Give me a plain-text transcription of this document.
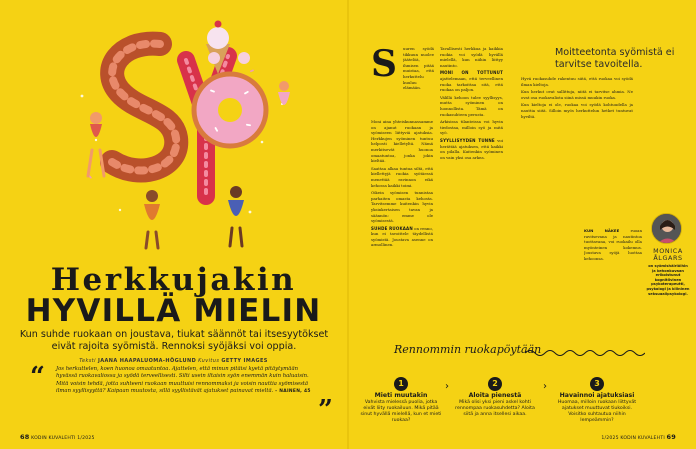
Herkkujakin
HYVILLÄ MIELIN
Kun suhde ruokaan on joustava, tiukat säännöt tai itsesyytökset eivät rajoita syömistä. Rennoksi syöjäksi voi oppia.
Teksti JAANA HAAPALUOMA-HÖGLUND Kuvitus GETTY IMAGES
“ Jos herkuttelen, koen huonoa omaatuntoa. Ajattelen, että minun pitäisi kyetä pitäytymään hyvässä ruokavaliossa ja syödä terveellisesti. Silti usein iltaisin syön enemmän kuin haluaisin. Mitä voisin tehdä, jotta suhteeni ruokaan muuttuisi rennommaksi ja voisin nauttia syömisestä ilman syyllisyyttä? Kaipaan muutosta, sillä syyllistävät ajatukset painavat mieltä. – NAINEN, 45
”
68 KODIN KUVALEHTI 1/2025
S uuren syödä tikkuun nuolee jäätelöä, ihmisen pitää muistaa, että herkuttelu kuuluu elämään.

Moni aina yhteiskunnassamme on ajanut ruokaan ja syömiseen liittyviä ajatuksia. Herkkujen syöminen tuntuu helposti kielletyltä. Nämä merkitsevät huonoa omaatuntoa, jonka jokin kieltää.

Saattaa alkaa tuntua siltä, että kiellettyjä ruokia syötäessä menettää ravinnon eikä kehossa kaikki toimi.

Oikein syömisen tunnistaa parhaiten omasta kehosta. Tarvitsemme kuitenkin hyvin yksinkertaisen tavan ja säännön: emme ole syömisestä.

SUHDE RUOKAAN on renno, kun ei tavoittele täydellistä syömistä. Joustava asenne on armollinen.

Tavallisesti herkkua ja kaikkia ruokia voi syödä hyvällä mielellä, kun niihin liittyy nautinto.

MONI ON TOTTUNUT ajattelemaan, että terveellinen ruoka tarkoittaa sitä, että ruokaa on paljon.

Välillä kehoon tulee syyllisyys, mutta syöminen on luonnollista. Tämä on ruokasuhteen perusta.

Arkisissa tilanteissa voi hyvin tiedostaa, milloin syö ja mitä syö.

SYYLLISYYDEN TUNNE voi herättää ajatuksen, että kaikki on pilalla. Kuitenkin syöminen on vain yksi osa arkea.

Moitteetonta syömistä ei tarvitse tavoitella.

Hyvä ruokasuhde rakentuu siitä, että ruokaa voi syödä ilman kieltoja.

Kun herkut ovat sallittuja, niitä ei tarvitse ahmia. Ne ovat osa ruokavaliota siinä missä muukin ruoka.

Kun kieltoja ei ole, ruokaa voi syödä kohtuudella ja nauttia siitä. Silloin myös herkuttelun hetket tuntuvat hyviltä.

KUN NÄKEE	ruoan ravitsevana ja nautintoa tuottavana, voi ruokailu olla myönteinen kokemus. Joustava syöjä luottaa kehoonsa.
MONICA
ÅLGARS
on syömishäiriöihin ja kehonkuvaan erikoistunut kognitiivinen psykoterapeutti, psykologi ja kliininen seksuaalipsykologi.
Rennommin ruokapöytään
1
Mieti muutakin
Vahvista mielessä puolia, jotka eivät liity ruokailuun. Mikä pitää sinut hyvällä mielellä, kun et mieti ruokaa?
›	2
Aloita pienestä
Mikä olisi yksi pieni askel kohti rennompaa ruokasuhdetta? Aloita siitä ja anna itsellesi aikaa.
›	3
Havainnoi ajatuksiasi
Huomaa, milloin ruokaan liittyvät ajatukset muuttuvat tiukoiksi. Voisitko suhtautua niihin lempeämmin?
1/2025 KODIN KUVALEHTI 69
